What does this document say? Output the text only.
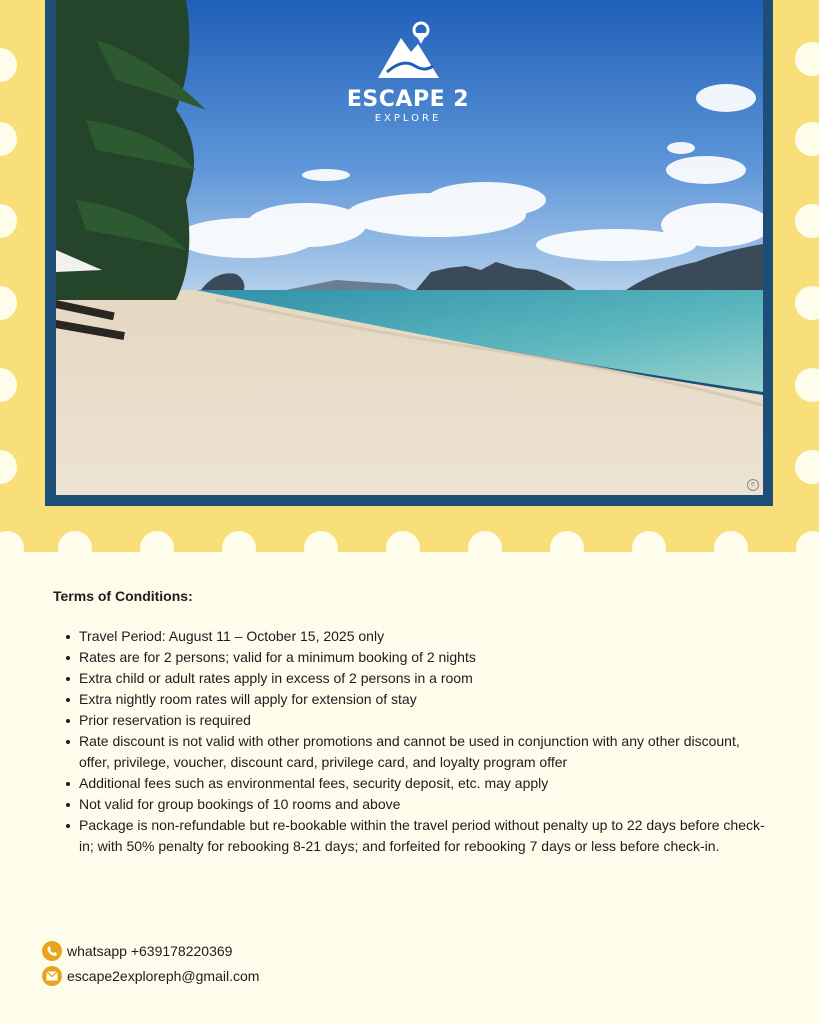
e
ESCAPE 2
EXPLORE
Terms of Conditions:
Travel Period: August 11 – October 15, 2025 only
Rates are for 2 persons; valid for a minimum booking of 2 nights
Extra child or adult rates apply in excess of 2 persons in a room
Extra nightly room rates will apply for extension of stay
Prior reservation is required
Rate discount is not valid with other promotions and cannot be used in conjunction with any other discount, offer, privilege, voucher, discount card, privilege card, and loyalty program offer
Additional fees such as environmental fees, security deposit, etc. may apply
Not valid for group bookings of 10 rooms and above
Package is non-refundable but re-bookable within the travel period without penalty up to 22 days before check-in; with 50% penalty for rebooking 8-21 days; and forfeited for rebooking 7 days or less before check-in.
whatsapp +639178220369
escape2exploreph@gmail.com
